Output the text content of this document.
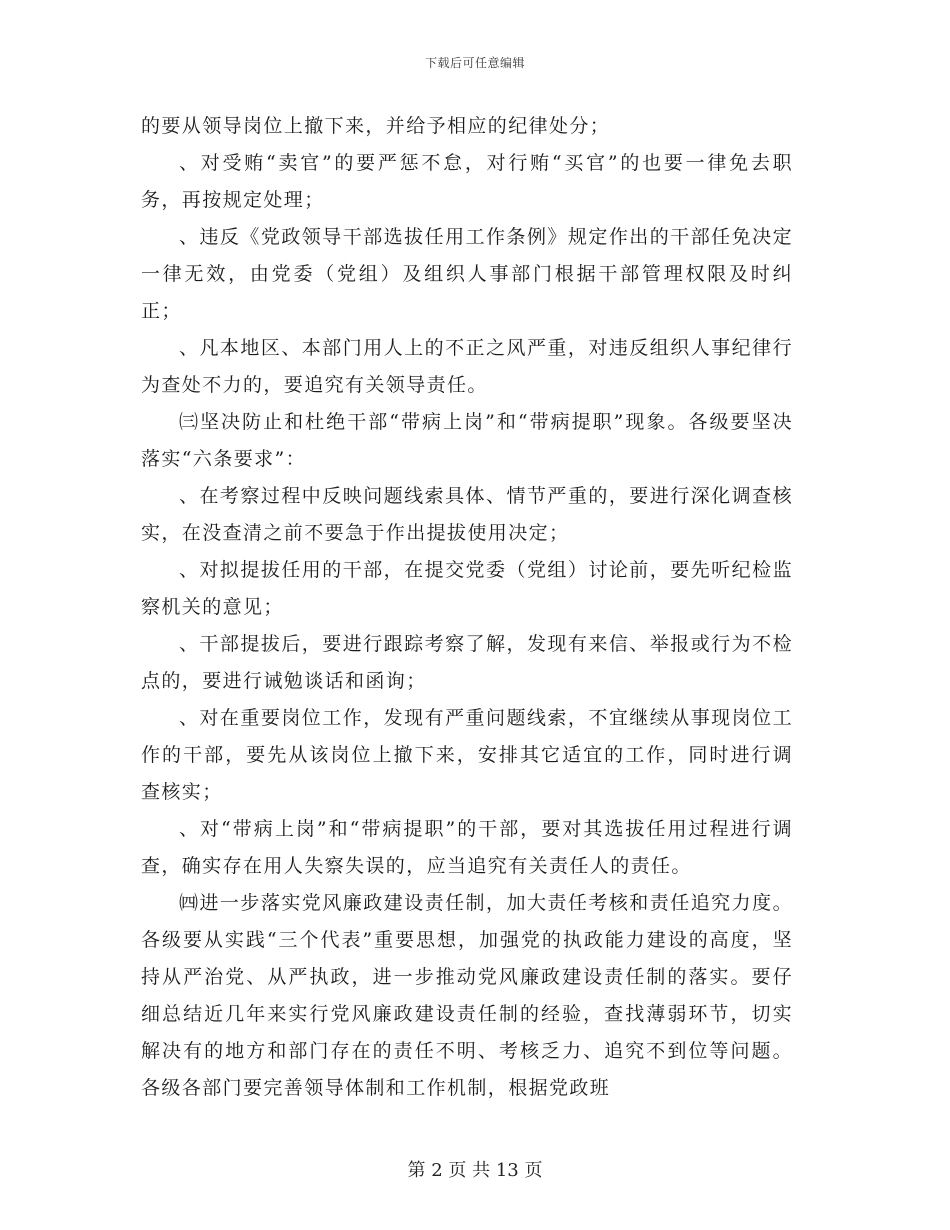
下载后可任意编辑

的要从领导岗位上撤下来，并给予相应的纪律处分；

、对受贿“卖官”的要严惩不怠，对行贿“买官”的也要一律免去职务，再按规定处理；

、违反《党政领导干部选拔任用工作条例》规定作出的干部任免决定一律无效，由党委（党组）及组织人事部门根据干部管理权限及时纠正；

、凡本地区、本部门用人上的不正之风严重，对违反组织人事纪律行为查处不力的，要追究有关领导责任。

㈢坚决防止和杜绝干部“带病上岗”和“带病提职”现象。各级要坚决落实“六条要求”：

、在考察过程中反映问题线索具体、情节严重的，要进行深化调查核实，在没查清之前不要急于作出提拔使用决定；

、对拟提拔任用的干部，在提交党委（党组）讨论前，要先听纪检监察机关的意见；

、干部提拔后，要进行跟踪考察了解，发现有来信、举报或行为不检点的，要进行诫勉谈话和函询；

、对在重要岗位工作，发现有严重问题线索，不宜继续从事现岗位工作的干部，要先从该岗位上撤下来，安排其它适宜的工作，同时进行调查核实；

、对“带病上岗”和“带病提职”的干部，要对其选拔任用过程进行调查，确实存在用人失察失误的，应当追究有关责任人的责任。

㈣进一步落实党风廉政建设责任制，加大责任考核和责任追究力度。各级要从实践“三个代表”重要思想，加强党的执政能力建设的高度，坚持从严治党、从严执政，进一步推动党风廉政建设责任制的落实。要仔细总结近几年来实行党风廉政建设责任制的经验，查找薄弱环节，切实解决有的地方和部门存在的责任不明、考核乏力、追究不到位等问题。各级各部门要完善领导体制和工作机制，根据党政班

第 2 页 共 13 页
